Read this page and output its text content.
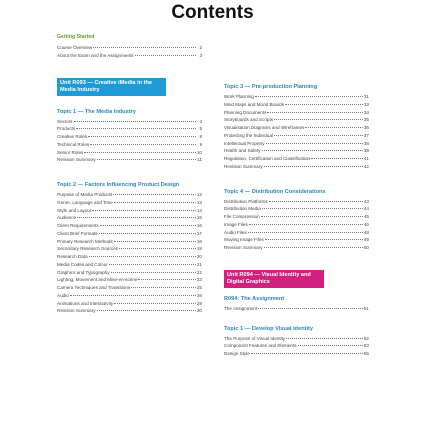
Contents
Getting Started
Course Overview	2
About the Exam and the Assignments	3
Unit R093 — Creative iMedia in the Media Industry
Topic 1 — The Media Industry
Sectors	4
Products	5
Creative Roles	8
Technical Roles	9
Senior Roles	10
Revision Summary	11
Topic 2 — Factors Influencing Product Design
Purpose of Media Products	12
Genre, Language and Tone	13
Style and Layout	14
Audience	15
Client Requirements	16
Client Brief Formats	17
Primary Research Methods	18
Secondary Research Sources	19
Research Data	20
Media Codes and Colour	21
Graphics and Typography	22
Lighting, Movement and Mise-en-scène	23
Camera Techniques and Transitions	25
Audio	28
Animations and Interactivity	29
Revision Summary	30
Topic 3 — Pre-production Planning
Work Planning	31
Mind Maps and Mood Boards	33
Planning Documents	34
Storyboards and Scripts	35
Visualisation Diagrams and Wireframes	36
Protecting the Individual	37
Intellectual Property	38
Health and Safety	39
Regulation, Certification and Classification	41
Revision Summary	42
Topic 4 — Distribution Considerations
Distribution Platforms	43
Distribution Media	44
File Compression	45
Image Files	46
Audio Files	48
Moving Image Files	49
Revision Summary	50
Unit R094 — Visual Identity and Digital Graphics
R094: The Assignment
The Assignment	51
Topic 1 — Develop Visual Identity
The Purpose of Visual Identity	52
Component Features and Elements	53
Design Style	55
